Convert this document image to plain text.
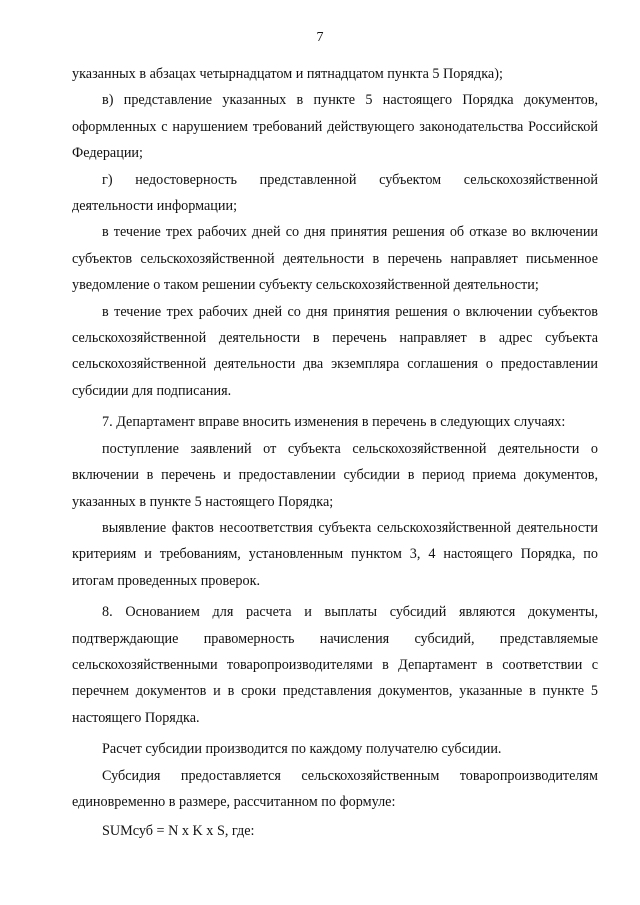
7

указанных в абзацах четырнадцатом и пятнадцатом пункта 5 Порядка);

в) представление указанных в пункте 5 настоящего Порядка документов, оформленных с нарушением требований действующего законодательства Российской Федерации;

г) недостоверность представленной субъектом сельскохозяйственной деятельности информации;

в течение трех рабочих дней со дня принятия решения об отказе во включении субъектов сельскохозяйственной деятельности в перечень направляет письменное уведомление о таком решении субъекту сельскохозяйственной деятельности;

в течение трех рабочих дней со дня принятия решения о включении субъектов сельскохозяйственной деятельности в перечень направляет в адрес субъекта сельскохозяйственной деятельности два экземпляра соглашения о предоставлении субсидии для подписания.

7. Департамент вправе вносить изменения в перечень в следующих случаях:

поступление заявлений от субъекта сельскохозяйственной деятельности о включении в перечень и предоставлении субсидии в период приема документов, указанных в пункте 5 настоящего Порядка;

выявление фактов несоответствия субъекта сельскохозяйственной деятельности критериям и требованиям, установленным пунктом 3, 4 настоящего Порядка, по итогам проведенных проверок.

8. Основанием для расчета и выплаты субсидий являются документы, подтверждающие правомерность начисления субсидий, представляемые сельскохозяйственными товаропроизводителями в Департамент в соответствии с перечнем документов и в сроки представления документов, указанные в пункте 5 настоящего Порядка.

Расчет субсидии производится по каждому получателю субсидии.

Субсидия предоставляется сельскохозяйственным товаропроизводителям единовременно в размере, рассчитанном по формуле:

SUMсуб = N x K x S, где:
